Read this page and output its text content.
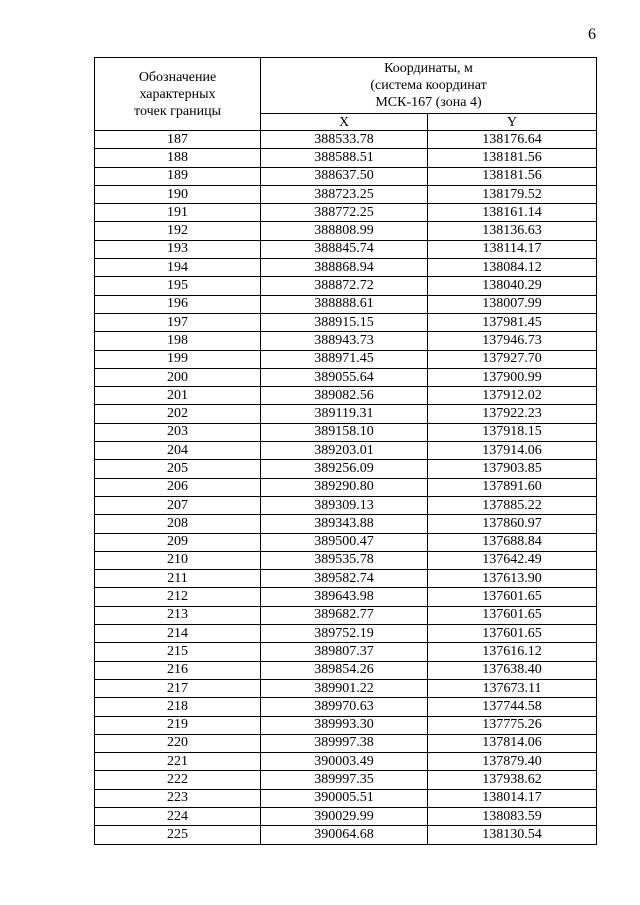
6
Обозначение
характерных
точек границы	Координаты, м
(система координат
МСК-167 (зона 4)	

	X	Y
187	388533.78	138176.64
188	388588.51	138181.56
189	388637.50	138181.56
190	388723.25	138179.52
191	388772.25	138161.14
192	388808.99	138136.63
193	388845.74	138114.17
194	388868.94	138084.12
195	388872.72	138040.29
196	388888.61	138007.99
197	388915.15	137981.45
198	388943.73	137946.73
199	388971.45	137927.70
200	389055.64	137900.99
201	389082.56	137912.02
202	389119.31	137922.23
203	389158.10	137918.15
204	389203.01	137914.06
205	389256.09	137903.85
206	389290.80	137891.60
207	389309.13	137885.22
208	389343.88	137860.97
209	389500.47	137688.84
210	389535.78	137642.49
211	389582.74	137613.90
212	389643.98	137601.65
213	389682.77	137601.65
214	389752.19	137601.65
215	389807.37	137616.12
216	389854.26	137638.40
217	389901.22	137673.11
218	389970.63	137744.58
219	389993.30	137775.26
220	389997.38	137814.06
221	390003.49	137879.40
222	389997.35	137938.62
223	390005.51	138014.17
224	390029.99	138083.59
225	390064.68	138130.54
